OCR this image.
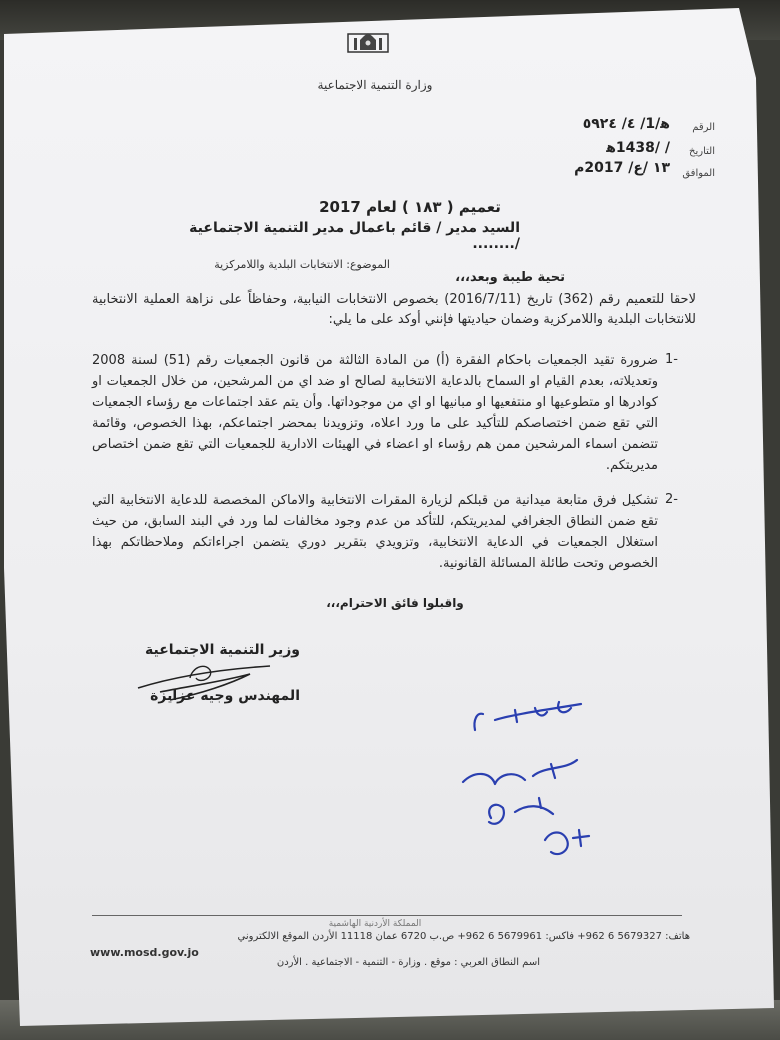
وزارة التنمية الاجتماعية
الرقم
ﻫ/1/ ٤/ ٥٩٢٤
التاريخ
/ /1438ﻫ
الموافق
١٣ /ع/ 2017م
تعميم ( ١٨٣ ) لعام 2017
السيد مدير / قائم باعمال مدير التنمية الاجتماعية /........
الموضوع: الانتخابات البلدية واللامركزية
تحية طيبة وبعد،،،
لاحقا للتعميم رقم (362) تاريخ (2016/7/11) بخصوص الانتخابات النيابية، وحفاظاً على نزاهة العملية الانتخابية للانتخابات البلدية واللامركزية وضمان حياديتها فإنني أوكد على ما يلي:
1-
ضرورة تقيد الجمعيات باحكام الفقرة (أ) من المادة الثالثة من قانون الجمعيات رقم (51) لسنة 2008 وتعديلاته، بعدم القيام او السماح بالدعاية الانتخابية لصالح او ضد اي من المرشحين، من خلال الجمعيات او كوادرها او متطوعيها او منتفعيها او مبانيها او اي من موجوداتها. وأن يتم عقد اجتماعات مع رؤساء الجمعيات التي تقع ضمن اختصاصكم للتأكيد على ما ورد اعلاه، وتزويدنا بمحضر اجتماعكم، بهذا الخصوص، وقائمة تتضمن اسماء المرشحين ممن هم رؤساء او اعضاء في الهيئات الادارية للجمعيات التي تقع ضمن اختصاص مديريتكم.
2-
تشكيل فرق متابعة ميدانية من قبلكم لزيارة المقرات الانتخابية والاماكن المخصصة للدعاية الانتخابية التي تقع ضمن النطاق الجغرافي لمديريتكم، للتأكد من عدم وجود مخالفات لما ورد في البند السابق، من حيث استغلال الجمعيات في الدعاية الانتخابية، وتزويدي بتقرير دوري يتضمن اجراءاتكم وملاحظاتكم بهذا الخصوص وتحت طائلة المسائلة القانونية.
واقبلوا فائق الاحترام،،،
وزير التنمية الاجتماعية
المهندس وجيه عزايزة
المملكة الأردنية الهاشمية
هاتف: 5679327 6 962+ فاكس: 5679961 6 962+ ص.ب 6720 عمان 11118 الأردن الموقع الالكتروني
www.mosd.gov.jo
اسم النطاق العربي : موقع . وزارة - التنمية - الاجتماعية . الأردن
